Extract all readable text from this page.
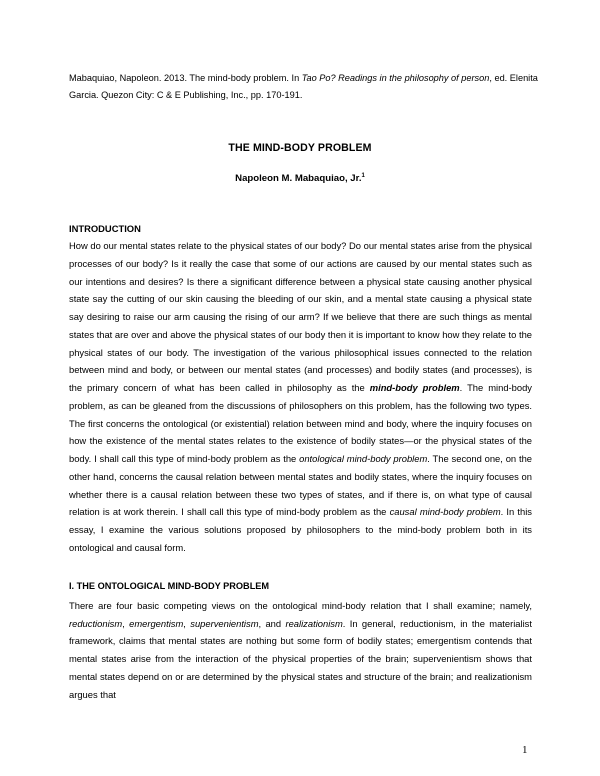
Mabaquiao, Napoleon. 2013. The mind-body problem. In Tao Po? Readings in the philosophy of person, ed. Elenita Garcia. Quezon City: C & E Publishing, Inc., pp. 170-191.
THE MIND-BODY PROBLEM
Napoleon M. Mabaquiao, Jr.$^1$
INTRODUCTION
How do our mental states relate to the physical states of our body? Do our mental states arise from the physical processes of our body? Is it really the case that some of our actions are caused by our mental states such as our intentions and desires? Is there a significant difference between a physical state causing another physical state say the cutting of our skin causing the bleeding of our skin, and a mental state causing a physical state say desiring to raise our arm causing the rising of our arm? If we believe that there are such things as mental states that are over and above the physical states of our body then it is important to know how they relate to the physical states of our body. The investigation of the various philosophical issues connected to the relation between mind and body, or between our mental states (and processes) and bodily states (and processes), is the primary concern of what has been called in philosophy as the mind-body problem. The mind-body problem, as can be gleaned from the discussions of philosophers on this problem, has the following two types. The first concerns the ontological (or existential) relation between mind and body, where the inquiry focuses on how the existence of the mental states relates to the existence of bodily states—or the physical states of the body. I shall call this type of mind-body problem as the ontological mind-body problem. The second one, on the other hand, concerns the causal relation between mental states and bodily states, where the inquiry focuses on whether there is a causal relation between these two types of states, and if there is, on what type of causal relation is at work therein. I shall call this type of mind-body problem as the causal mind-body problem. In this essay, I examine the various solutions proposed by philosophers to the mind-body problem both in its ontological and causal form.
I. THE ONTOLOGICAL MIND-BODY PROBLEM
There are four basic competing views on the ontological mind-body relation that I shall examine; namely, reductionism, emergentism, supervenientism, and realizationism. In general, reductionism, in the materialist framework, claims that mental states are nothing but some form of bodily states; emergentism contends that mental states arise from the interaction of the physical properties of the brain; supervenientism shows that mental states depend on or are determined by the physical states and structure of the brain; and realizationism argues that
1
